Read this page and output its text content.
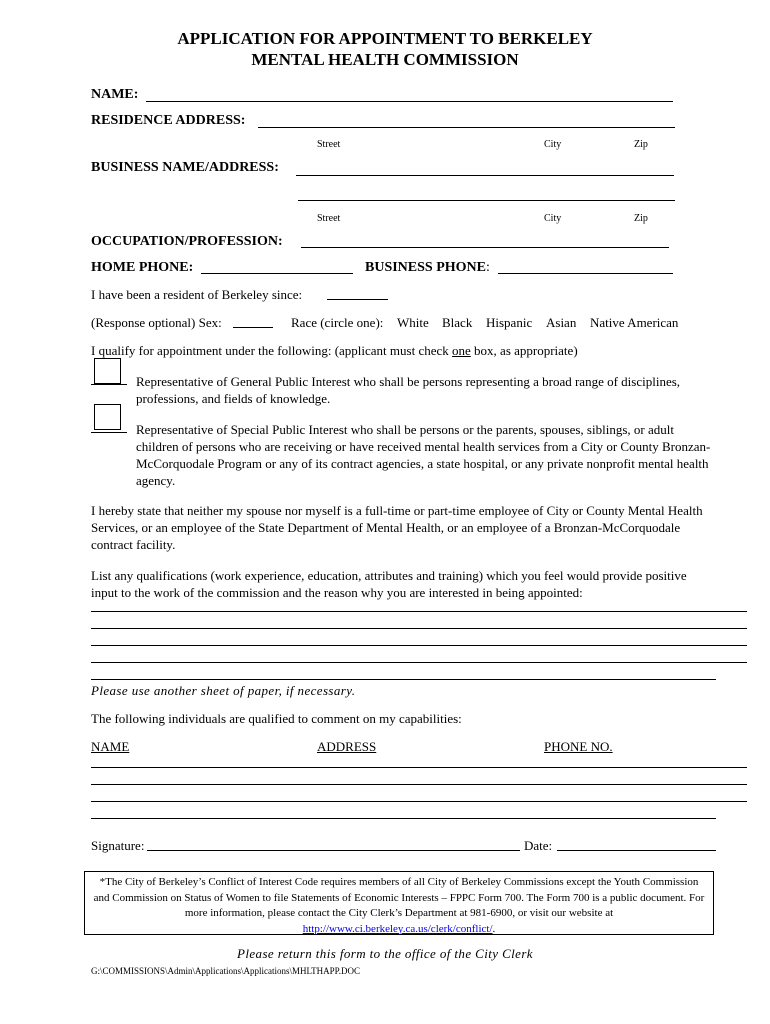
APPLICATION FOR APPOINTMENT TO BERKELEY
MENTAL HEALTH COMMISSION
NAME:
RESIDENCE ADDRESS:
Street	City	Zip
BUSINESS NAME/ADDRESS:
Street	City	Zip
OCCUPATION/PROFESSION:
HOME PHONE:	BUSINESS PHONE:
I have been a resident of Berkeley since:
(Response optional) Sex:	Race (circle one): White Black Hispanic Asian Native American
I qualify for appointment under the following: (applicant must check one box, as appropriate)
Representative of General Public Interest who shall be persons representing a broad range of disciplines, professions, and fields of knowledge.
Representative of Special Public Interest who shall be persons or the parents, spouses, siblings, or adult children of persons who are receiving or have received mental health services from a City or County Bronzan-McCorquodale Program or any of its contract agencies, a state hospital, or any private nonprofit mental health agency.
I hereby state that neither my spouse nor myself is a full-time or part-time employee of City or County Mental Health Services, or an employee of the State Department of Mental Health, or an employee of a Bronzan-McCorquodale contract facility.
List any qualifications (work experience, education, attributes and training) which you feel would provide positive input to the work of the commission and the reason why you are interested in being appointed:
Please use another sheet of paper, if necessary.
The following individuals are qualified to comment on my capabilities:
NAME	ADDRESS	PHONE NO.
Signature:	Date:
*The City of Berkeley’s Conflict of Interest Code requires members of all City of Berkeley Commissions except the Youth Commission and Commission on Status of Women to file Statements of Economic Interests – FPPC Form 700. The Form 700 is a public document. For more information, please contact the City Clerk’s Department at 981-6900, or visit our website at http://www.ci.berkeley.ca.us/clerk/conflict/.
Please return this form to the office of the City Clerk
G:\COMMISSIONS\Admin\Applications\Applications\MHLTHAPP.DOC
